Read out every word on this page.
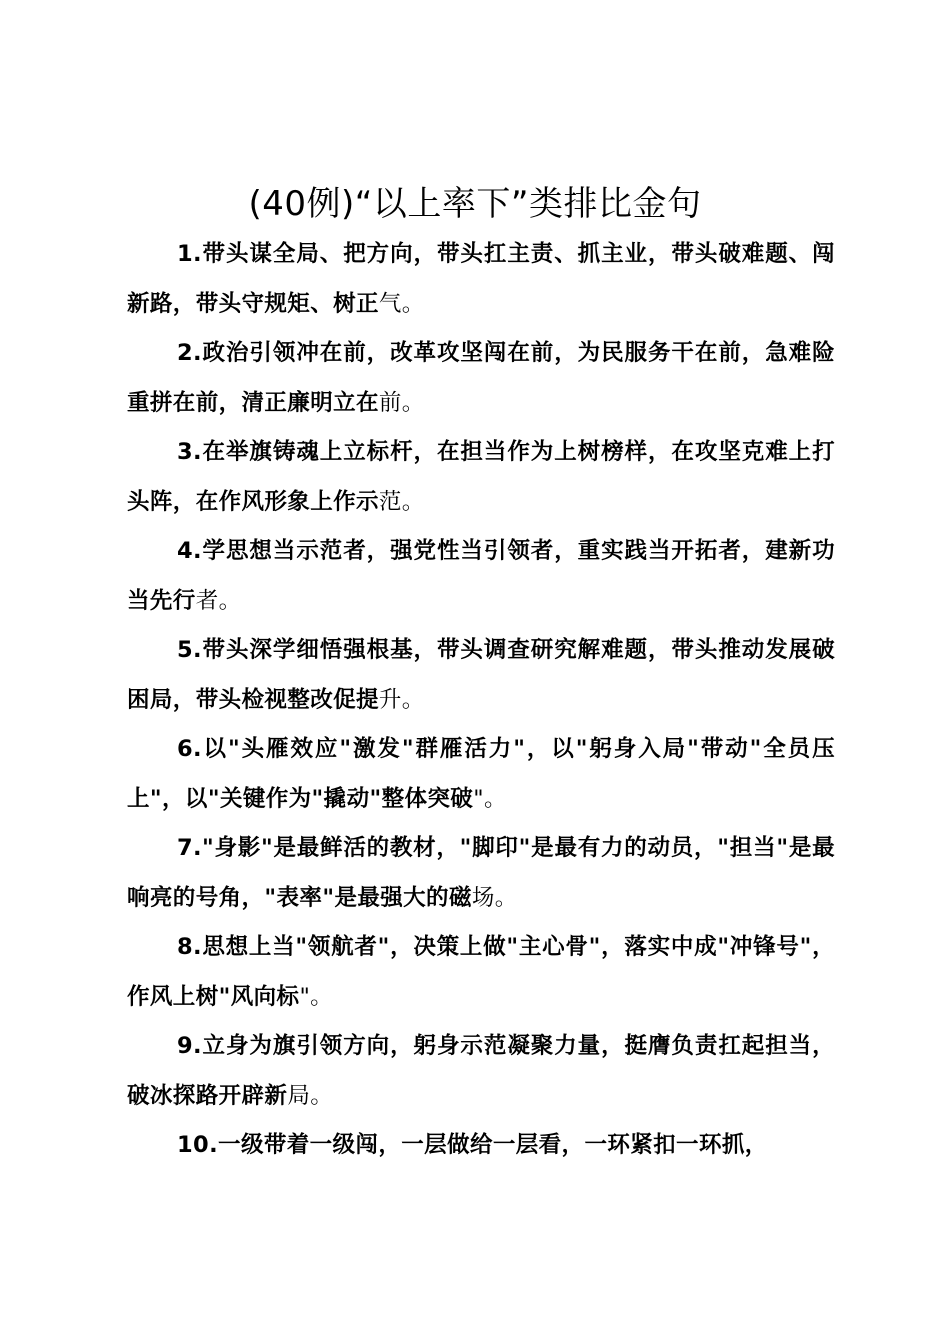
(40例)“以上率下”类排比金句

1.带头谋全局、把方向，带头扛主责、抓主业，带头破难题、闯新路，带头守规矩、树正气。

2.政治引领冲在前，改革攻坚闯在前，为民服务干在前，急难险重拼在前，清正廉明立在前。

3.在举旗铸魂上立标杆，在担当作为上树榜样，在攻坚克难上打头阵，在作风形象上作示范。

4.学思想当示范者，强党性当引领者，重实践当开拓者，建新功当先行者。

5.带头深学细悟强根基，带头调查研究解难题，带头推动发展破困局，带头检视整改促提升。

6.以"头雁效应"激发"群雁活力"，以"躬身入局"带动"全员压上"，以"关键作为"撬动"整体突破"。

7."身影"是最鲜活的教材，"脚印"是最有力的动员，"担当"是最响亮的号角，"表率"是最强大的磁场。

8.思想上当"领航者"，决策上做"主心骨"，落实中成"冲锋号"，作风上树"风向标"。

9.立身为旗引领方向，躬身示范凝聚力量，挺膺负责扛起担当，破冰探路开辟新局。

10.一级带着一级闯，一层做给一层看，一环紧扣一环抓，
